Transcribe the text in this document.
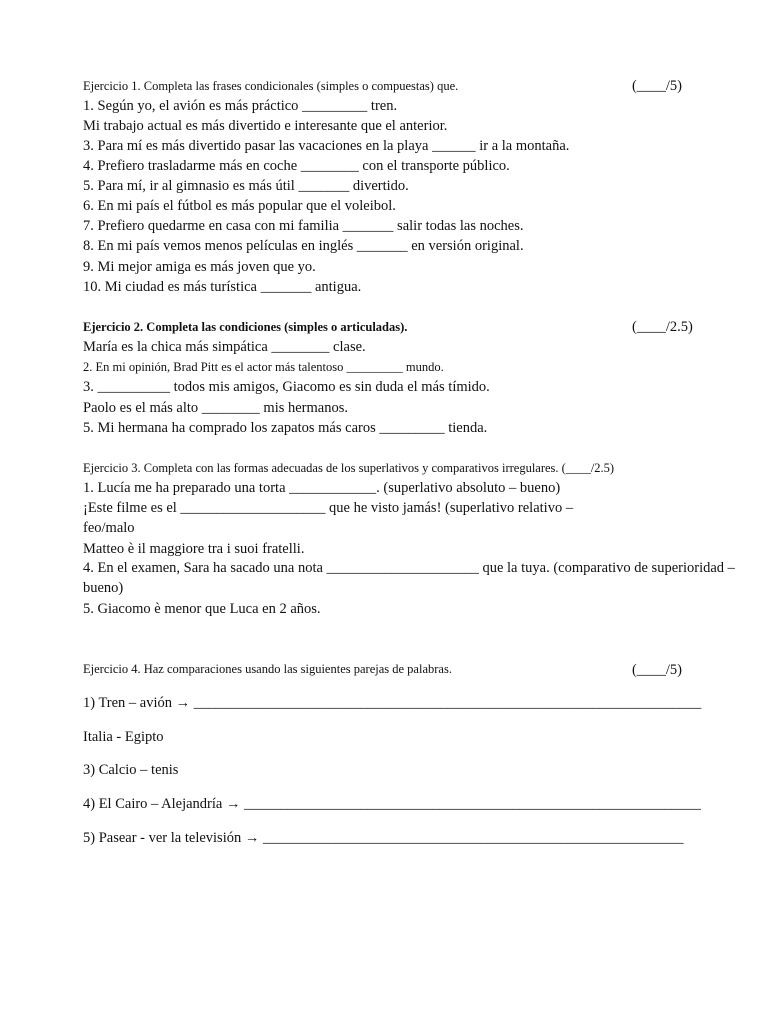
Ejercicio 1. Completa las frases condicionales (simples o compuestas) que.	(____/5)
1. Según yo, el avión es más práctico _________ tren.
Mi trabajo actual es más divertido e interesante que el anterior.
3. Para mí es más divertido pasar las vacaciones en la playa ______ ir a la montaña.
4. Prefiero trasladarme más en coche ________ con el transporte público.
5. Para mí, ir al gimnasio es más útil _______ divertido.
6. En mi país el fútbol es más popular que el voleibol.
7. Prefiero quedarme en casa con mi familia _______ salir todas las noches.
8. En mi país vemos menos películas en inglés _______ en versión original.
9. Mi mejor amiga es más joven que yo.
10. Mi ciudad es más turística _______ antigua.
Ejercicio 2. Completa las condiciones (simples o articuladas).	(____/2.5)
María es la chica más simpática ________ clase.
2. En mi opinión, Brad Pitt es el actor más talentoso _________ mundo.
3. __________ todos mis amigos, Giacomo es sin duda el más tímido.
Paolo es el más alto ________ mis hermanos.
5. Mi hermana ha comprado los zapatos más caros _________ tienda.
Ejercicio 3. Completa con las formas adecuadas de los superlativos y comparativos irregulares. (____/2.5)
1. Lucía me ha preparado una torta ____________. (superlativo absoluto – bueno)
¡Este filme es el ____________________ que he visto jamás! (superlativo relativo –
feo/malo
Matteo è il maggiore tra i suoi fratelli.
4. En el examen, Sara ha sacado una nota _____________________ que la tuya. (comparativo de superioridad –
bueno)
5. Giacomo è menor que Luca en 2 años.
Ejercicio 4. Haz comparaciones usando las siguientes parejas de palabras.	(____/5)
1) Tren – avión → ______________________________________________________________________
Italia - Egipto
3) Calcio – tenis
4) El Cairo – Alejandría → _______________________________________________________________
5) Pasear - ver la televisión → __________________________________________________________
